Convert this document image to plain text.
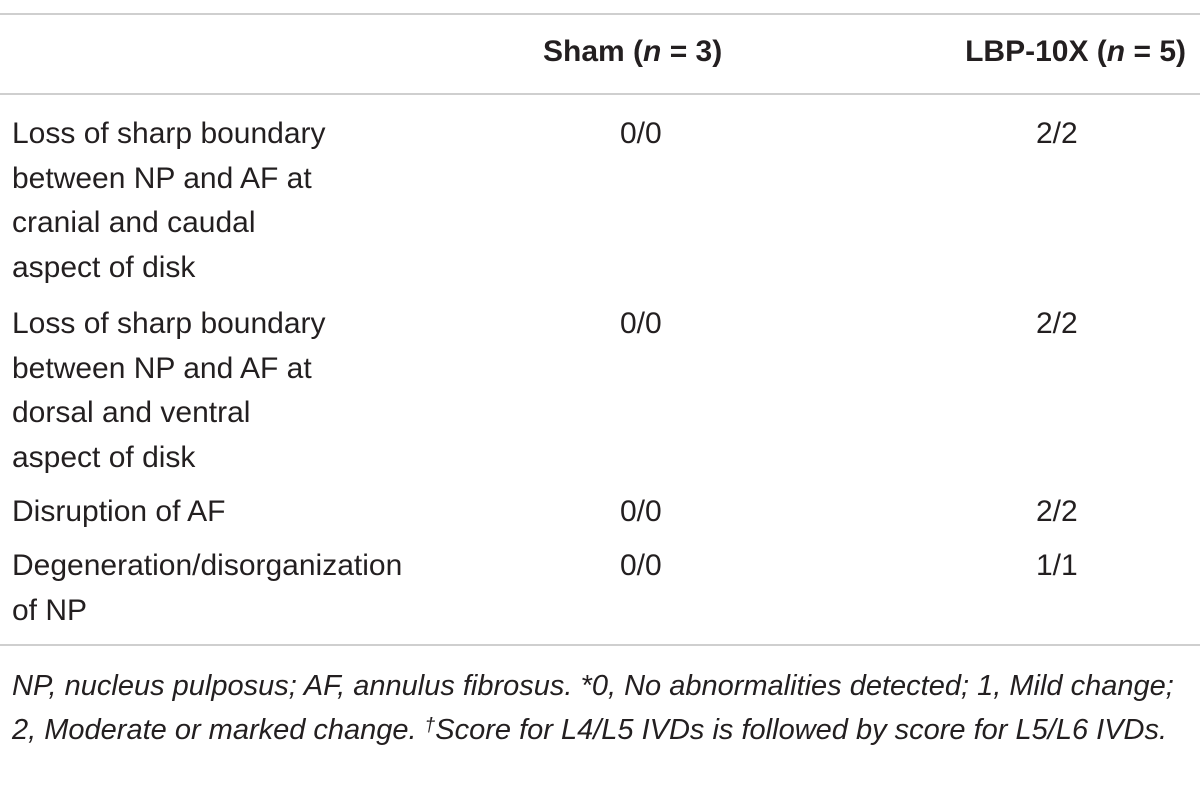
Sham (n = 3)	LBP-10X (n = 5)
Loss of sharp boundary
between NP and AF at
cranial and caudal
aspect of disk
0/0	2/2
Loss of sharp boundary
between NP and AF at
dorsal and ventral
aspect of disk
0/0	2/2
Disruption of AF	0/0	2/2
Degeneration/disorganization
of NP
0/0	1/1
NP, nucleus pulposus; AF, annulus fibrosus. *0, No abnormalities detected; 1, Mild change; 2, Moderate or marked change. †Score for L4/L5 IVDs is followed by score for L5/L6 IVDs.
